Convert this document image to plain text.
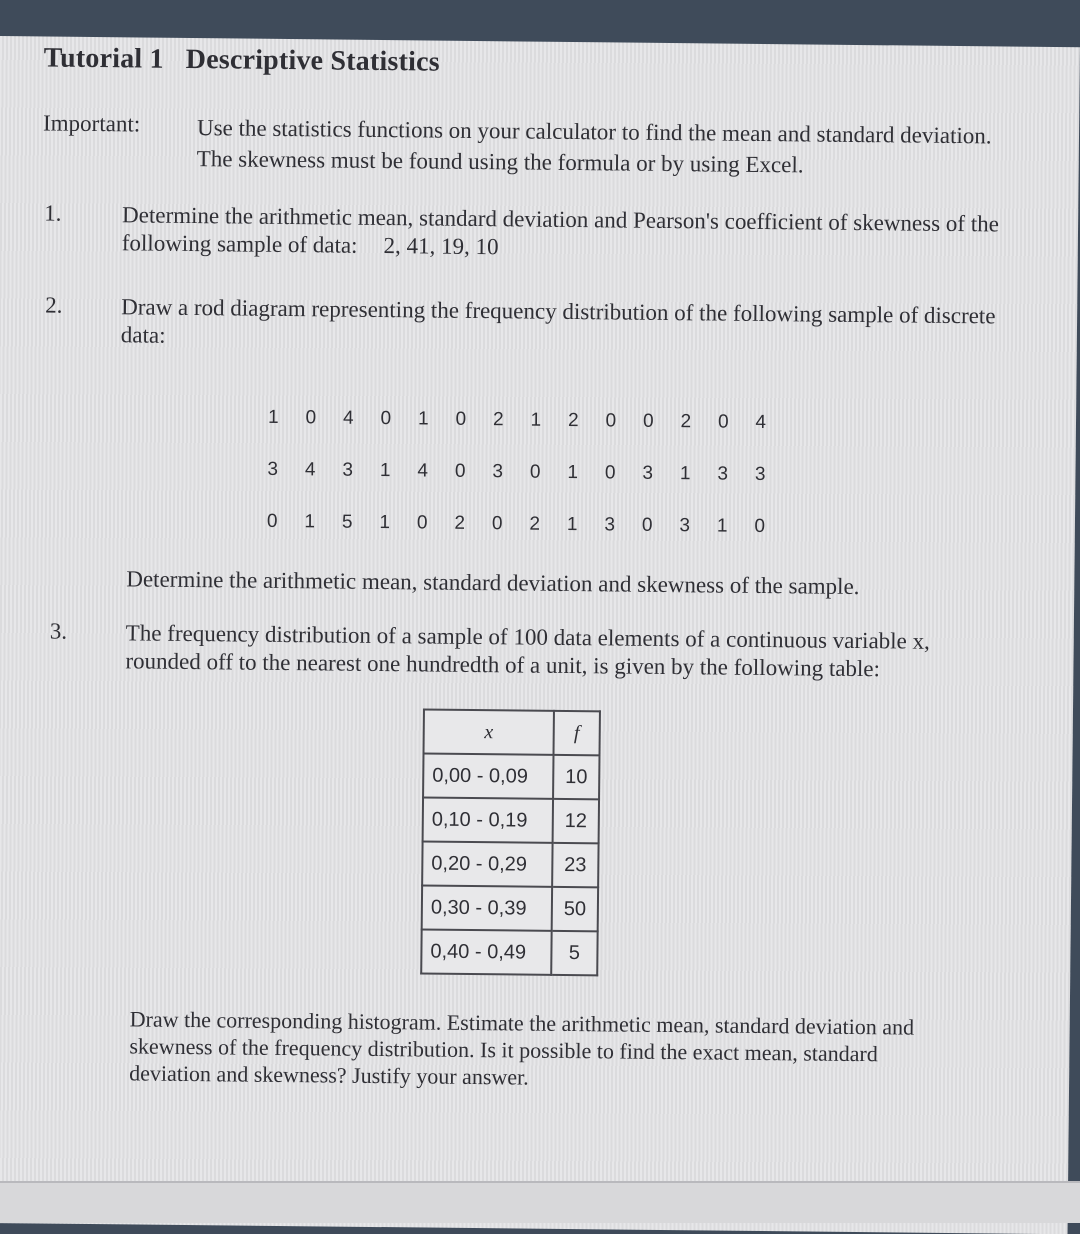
Tutorial 1 Descriptive Statistics
Important: Use the statistics functions on your calculator to find the mean and standard deviation. The skewness must be found using the formula or by using Excel.
1.	Determine the arithmetic mean, standard deviation and Pearson's coefficient of skewness of the following sample of data: 2, 41, 19, 10
2.	Draw a rod diagram representing the frequency distribution of the following sample of discrete data:
1 0 4 0 1 0 2 1 2 0 0 2 0 4
3 4 3 1 4 0 3 0 1 0 3 1 3 3
0 1 5 1 0 2 0 2 1 3 0 3 1 0
Determine the arithmetic mean, standard deviation and skewness of the sample.
3.	The frequency distribution of a sample of 100 data elements of a continuous variable x, rounded off to the nearest one hundredth of a unit, is given by the following table:
x	f
0,00 - 0,09	10
0,10 - 0,19	12
0,20 - 0,29	23
0,30 - 0,39	50
0,40 - 0,49	5
Draw the corresponding histogram. Estimate the arithmetic mean, standard deviation and skewness of the frequency distribution. Is it possible to find the exact mean, standard deviation and skewness? Justify your answer.
